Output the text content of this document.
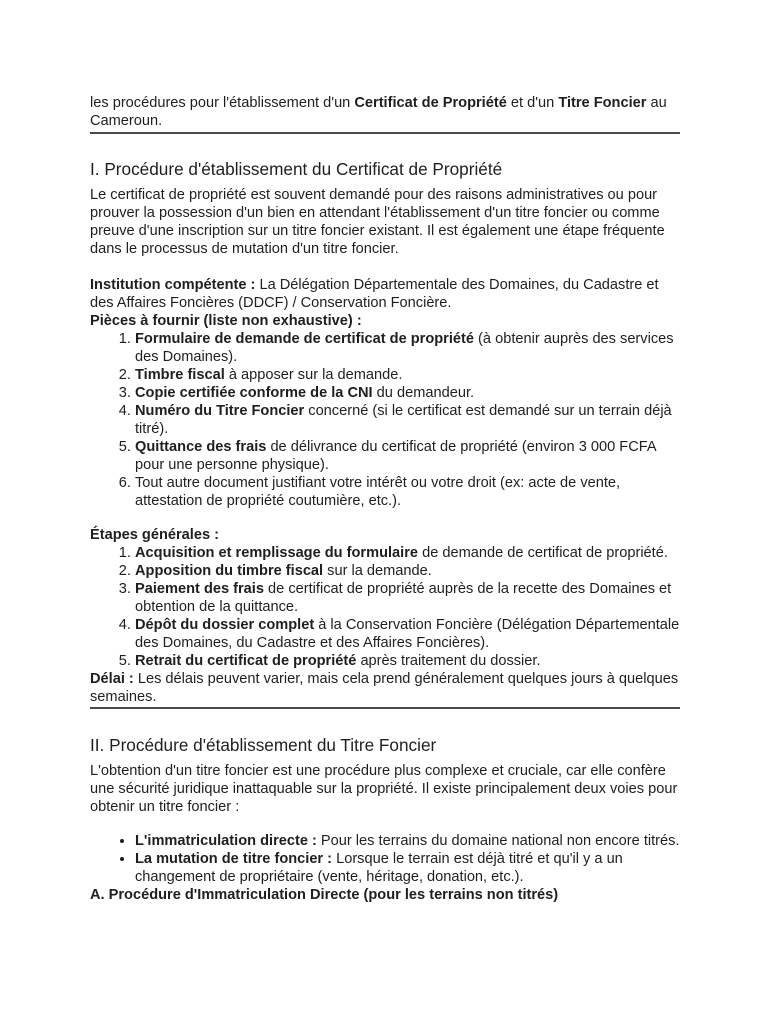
les procédures pour l'établissement d'un Certificat de Propriété et d'un Titre Foncier au Cameroun.

I. Procédure d'établissement du Certificat de Propriété

Le certificat de propriété est souvent demandé pour des raisons administratives ou pour prouver la possession d'un bien en attendant l'établissement d'un titre foncier ou comme preuve d'une inscription sur un titre foncier existant. Il est également une étape fréquente dans le processus de mutation d'un titre foncier.

Institution compétente : La Délégation Départementale des Domaines, du Cadastre et des Affaires Foncières (DDCF) / Conservation Foncière.

Pièces à fournir (liste non exhaustive) :

1. Formulaire de demande de certificat de propriété (à obtenir auprès des services des Domaines).
2. Timbre fiscal à apposer sur la demande.
3. Copie certifiée conforme de la CNI du demandeur.
4. Numéro du Titre Foncier concerné (si le certificat est demandé sur un terrain déjà titré).
5. Quittance des frais de délivrance du certificat de propriété (environ 3 000 FCFA pour une personne physique).
6. Tout autre document justifiant votre intérêt ou votre droit (ex: acte de vente, attestation de propriété coutumière, etc.).

Étapes générales :

1. Acquisition et remplissage du formulaire de demande de certificat de propriété.
2. Apposition du timbre fiscal sur la demande.
3. Paiement des frais de certificat de propriété auprès de la recette des Domaines et obtention de la quittance.
4. Dépôt du dossier complet à la Conservation Foncière (Délégation Départementale des Domaines, du Cadastre et des Affaires Foncières).
5. Retrait du certificat de propriété après traitement du dossier.

Délai : Les délais peuvent varier, mais cela prend généralement quelques jours à quelques semaines.

II. Procédure d'établissement du Titre Foncier

L'obtention d'un titre foncier est une procédure plus complexe et cruciale, car elle confère une sécurité juridique inattaquable sur la propriété. Il existe principalement deux voies pour obtenir un titre foncier :

• L'immatriculation directe : Pour les terrains du domaine national non encore titrés.
• La mutation de titre foncier : Lorsque le terrain est déjà titré et qu'il y a un changement de propriétaire (vente, héritage, donation, etc.).

A. Procédure d'Immatriculation Directe (pour les terrains non titrés)
